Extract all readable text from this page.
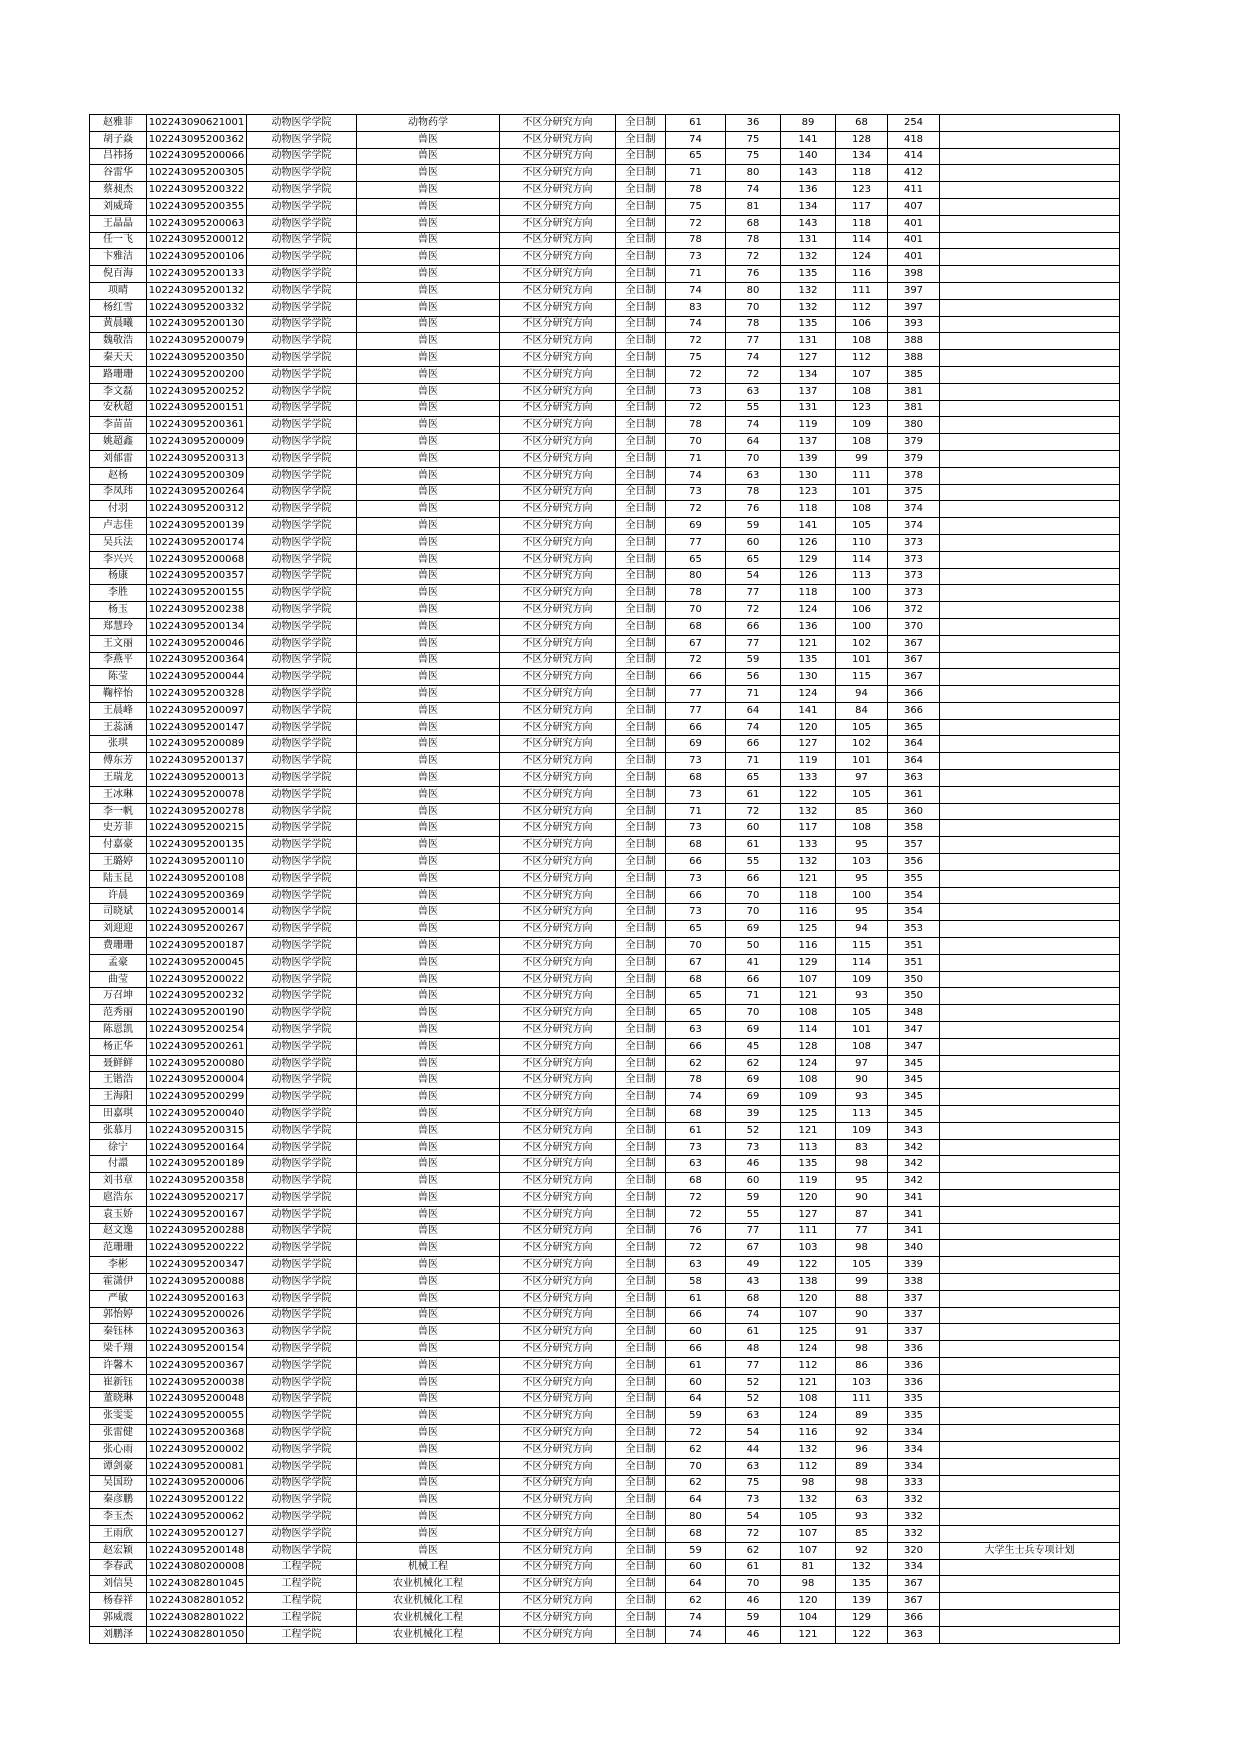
赵雅菲	102243090621001	动物医学学院	动物药学	不区分研究方向	全日制	61	36	89	68	254	
胡子焱	102243095200362	动物医学学院	兽医	不区分研究方向	全日制	74	75	141	128	418	
吕祎扬	102243095200066	动物医学学院	兽医	不区分研究方向	全日制	65	75	140	134	414	
谷雷华	102243095200305	动物医学学院	兽医	不区分研究方向	全日制	71	80	143	118	412	
蔡昶杰	102243095200322	动物医学学院	兽医	不区分研究方向	全日制	78	74	136	123	411	
刘威琦	102243095200355	动物医学学院	兽医	不区分研究方向	全日制	75	81	134	117	407	
王晶晶	102243095200063	动物医学学院	兽医	不区分研究方向	全日制	72	68	143	118	401	
任一飞	102243095200012	动物医学学院	兽医	不区分研究方向	全日制	78	78	131	114	401	
卞雅洁	102243095200106	动物医学学院	兽医	不区分研究方向	全日制	73	72	132	124	401	
倪百海	102243095200133	动物医学学院	兽医	不区分研究方向	全日制	71	76	135	116	398	
项晴	102243095200132	动物医学学院	兽医	不区分研究方向	全日制	74	80	132	111	397	
杨红雪	102243095200332	动物医学学院	兽医	不区分研究方向	全日制	83	70	132	112	397	
黄晨曦	102243095200130	动物医学学院	兽医	不区分研究方向	全日制	74	78	135	106	393	
魏敬浩	102243095200079	动物医学学院	兽医	不区分研究方向	全日制	72	77	131	108	388	
秦天天	102243095200350	动物医学学院	兽医	不区分研究方向	全日制	75	74	127	112	388	
路珊珊	102243095200200	动物医学学院	兽医	不区分研究方向	全日制	72	72	134	107	385	
李文磊	102243095200252	动物医学学院	兽医	不区分研究方向	全日制	73	63	137	108	381	
安秋超	102243095200151	动物医学学院	兽医	不区分研究方向	全日制	72	55	131	123	381	
李苗苗	102243095200361	动物医学学院	兽医	不区分研究方向	全日制	78	74	119	109	380	
姚超鑫	102243095200009	动物医学学院	兽医	不区分研究方向	全日制	70	64	137	108	379	
刘郁雷	102243095200313	动物医学学院	兽医	不区分研究方向	全日制	71	70	139	99	379	
赵杨	102243095200309	动物医学学院	兽医	不区分研究方向	全日制	74	63	130	111	378	
李凤玮	102243095200264	动物医学学院	兽医	不区分研究方向	全日制	73	78	123	101	375	
付羽	102243095200312	动物医学学院	兽医	不区分研究方向	全日制	72	76	118	108	374	
卢志佳	102243095200139	动物医学学院	兽医	不区分研究方向	全日制	69	59	141	105	374	
吴兵法	102243095200174	动物医学学院	兽医	不区分研究方向	全日制	77	60	126	110	373	
李兴兴	102243095200068	动物医学学院	兽医	不区分研究方向	全日制	65	65	129	114	373	
杨康	102243095200357	动物医学学院	兽医	不区分研究方向	全日制	80	54	126	113	373	
李胜	102243095200155	动物医学学院	兽医	不区分研究方向	全日制	78	77	118	100	373	
杨玉	102243095200238	动物医学学院	兽医	不区分研究方向	全日制	70	72	124	106	372	
郑慧玲	102243095200134	动物医学学院	兽医	不区分研究方向	全日制	68	66	136	100	370	
王文丽	102243095200046	动物医学学院	兽医	不区分研究方向	全日制	67	77	121	102	367	
李燕平	102243095200364	动物医学学院	兽医	不区分研究方向	全日制	72	59	135	101	367	
陈莹	102243095200044	动物医学学院	兽医	不区分研究方向	全日制	66	56	130	115	367	
鞠梓怡	102243095200328	动物医学学院	兽医	不区分研究方向	全日制	77	71	124	94	366	
王晨峰	102243095200097	动物医学学院	兽医	不区分研究方向	全日制	77	64	141	84	366	
王蕊涵	102243095200147	动物医学学院	兽医	不区分研究方向	全日制	66	74	120	105	365	
张琪	102243095200089	动物医学学院	兽医	不区分研究方向	全日制	69	66	127	102	364	
傅东芳	102243095200137	动物医学学院	兽医	不区分研究方向	全日制	73	71	119	101	364	
王瑞龙	102243095200013	动物医学学院	兽医	不区分研究方向	全日制	68	65	133	97	363	
王冰琳	102243095200078	动物医学学院	兽医	不区分研究方向	全日制	73	61	122	105	361	
李一帆	102243095200278	动物医学学院	兽医	不区分研究方向	全日制	71	72	132	85	360	
史芳菲	102243095200215	动物医学学院	兽医	不区分研究方向	全日制	73	60	117	108	358	
付嘉豪	102243095200135	动物医学学院	兽医	不区分研究方向	全日制	68	61	133	95	357	
王璐婷	102243095200110	动物医学学院	兽医	不区分研究方向	全日制	66	55	132	103	356	
陆玉昆	102243095200108	动物医学学院	兽医	不区分研究方向	全日制	73	66	121	95	355	
许晨	102243095200369	动物医学学院	兽医	不区分研究方向	全日制	66	70	118	100	354	
司晓斌	102243095200014	动物医学学院	兽医	不区分研究方向	全日制	73	70	116	95	354	
刘迎迎	102243095200267	动物医学学院	兽医	不区分研究方向	全日制	65	69	125	94	353	
费珊珊	102243095200187	动物医学学院	兽医	不区分研究方向	全日制	70	50	116	115	351	
孟豪	102243095200045	动物医学学院	兽医	不区分研究方向	全日制	67	41	129	114	351	
曲莹	102243095200022	动物医学学院	兽医	不区分研究方向	全日制	68	66	107	109	350	
万召坤	102243095200232	动物医学学院	兽医	不区分研究方向	全日制	65	71	121	93	350	
范秀丽	102243095200190	动物医学学院	兽医	不区分研究方向	全日制	65	70	108	105	348	
陈恩凯	102243095200254	动物医学学院	兽医	不区分研究方向	全日制	63	69	114	101	347	
杨正华	102243095200261	动物医学学院	兽医	不区分研究方向	全日制	66	45	128	108	347	
聂鲜鲜	102243095200080	动物医学学院	兽医	不区分研究方向	全日制	62	62	124	97	345	
王锴浩	102243095200004	动物医学学院	兽医	不区分研究方向	全日制	78	69	108	90	345	
王海阳	102243095200299	动物医学学院	兽医	不区分研究方向	全日制	74	69	109	93	345	
田嘉琪	102243095200040	动物医学学院	兽医	不区分研究方向	全日制	68	39	125	113	345	
张慕月	102243095200315	动物医学学院	兽医	不区分研究方向	全日制	61	52	121	109	343	
徐宁	102243095200164	动物医学学院	兽医	不区分研究方向	全日制	73	73	113	83	342	
付譞	102243095200189	动物医学学院	兽医	不区分研究方向	全日制	63	46	135	98	342	
刘书章	102243095200358	动物医学学院	兽医	不区分研究方向	全日制	68	60	119	95	342	
扈浩东	102243095200217	动物医学学院	兽医	不区分研究方向	全日制	72	59	120	90	341	
袁玉娇	102243095200167	动物医学学院	兽医	不区分研究方向	全日制	72	55	127	87	341	
赵文逸	102243095200288	动物医学学院	兽医	不区分研究方向	全日制	76	77	111	77	341	
范珊珊	102243095200222	动物医学学院	兽医	不区分研究方向	全日制	72	67	103	98	340	
李彬	102243095200347	动物医学学院	兽医	不区分研究方向	全日制	63	49	122	105	339	
霍潇伊	102243095200088	动物医学学院	兽医	不区分研究方向	全日制	58	43	138	99	338	
严敏	102243095200163	动物医学学院	兽医	不区分研究方向	全日制	61	68	120	88	337	
郭怡婷	102243095200026	动物医学学院	兽医	不区分研究方向	全日制	66	74	107	90	337	
秦钰林	102243095200363	动物医学学院	兽医	不区分研究方向	全日制	60	61	125	91	337	
梁千翔	102243095200154	动物医学学院	兽医	不区分研究方向	全日制	66	48	124	98	336	
许馨木	102243095200367	动物医学学院	兽医	不区分研究方向	全日制	61	77	112	86	336	
崔新钰	102243095200038	动物医学学院	兽医	不区分研究方向	全日制	60	52	121	103	336	
董晓琳	102243095200048	动物医学学院	兽医	不区分研究方向	全日制	64	52	108	111	335	
张雯雯	102243095200055	动物医学学院	兽医	不区分研究方向	全日制	59	63	124	89	335	
张雷健	102243095200368	动物医学学院	兽医	不区分研究方向	全日制	72	54	116	92	334	
张心雨	102243095200002	动物医学学院	兽医	不区分研究方向	全日制	62	44	132	96	334	
谭剑豪	102243095200081	动物医学学院	兽医	不区分研究方向	全日制	70	63	112	89	334	
吴国玢	102243095200006	动物医学学院	兽医	不区分研究方向	全日制	62	75	98	98	333	
秦彦鹏	102243095200122	动物医学学院	兽医	不区分研究方向	全日制	64	73	132	63	332	
李玉杰	102243095200062	动物医学学院	兽医	不区分研究方向	全日制	80	54	105	93	332	
王雨欣	102243095200127	动物医学学院	兽医	不区分研究方向	全日制	68	72	107	85	332	
赵宏颖	102243095200148	动物医学学院	兽医	不区分研究方向	全日制	59	62	107	92	320	大学生士兵专项计划
李春武	102243080200008	工程学院	机械工程	不区分研究方向	全日制	60	61	81	132	334	
刘信昊	102243082801045	工程学院	农业机械化工程	不区分研究方向	全日制	64	70	98	135	367	
杨春祥	102243082801052	工程学院	农业机械化工程	不区分研究方向	全日制	62	46	120	139	367	
郭威震	102243082801022	工程学院	农业机械化工程	不区分研究方向	全日制	74	59	104	129	366	
刘鹏泽	102243082801050	工程学院	农业机械化工程	不区分研究方向	全日制	74	46	121	122	363	
